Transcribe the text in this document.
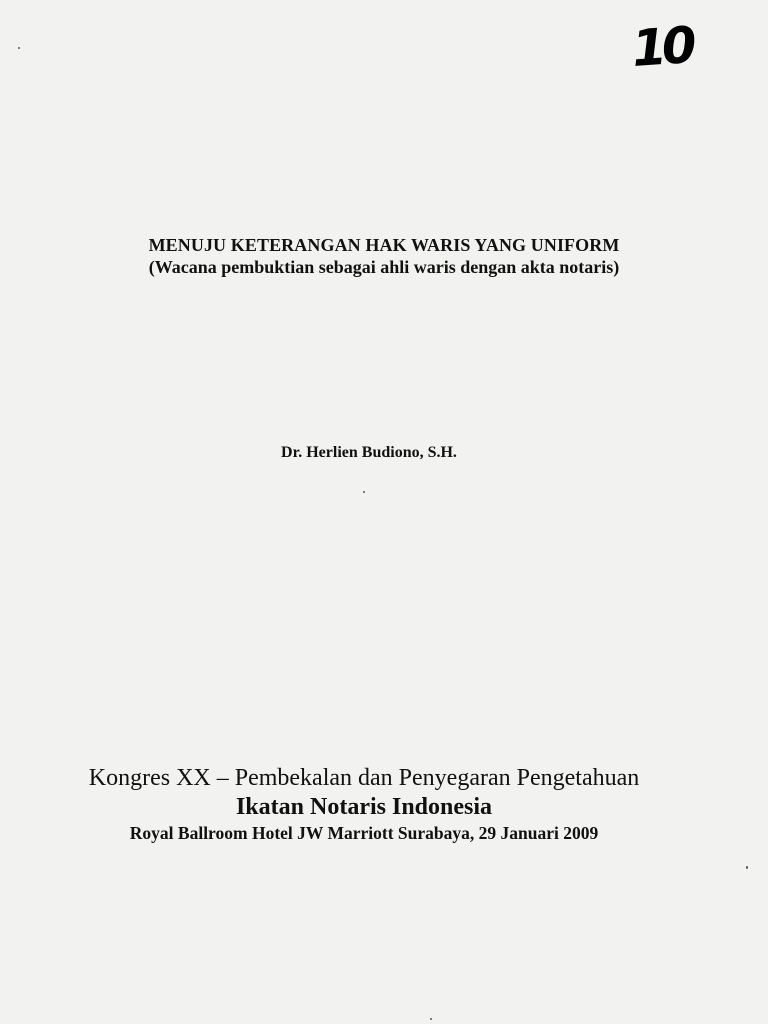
10

MENUJU KETERANGAN HAK WARIS YANG UNIFORM

(Wacana pembuktian sebagai ahli waris dengan akta notaris)

Dr. Herlien Budiono, S.H.

Kongres XX – Pembekalan dan Penyegaran Pengetahuan

Ikatan Notaris Indonesia

Royal Ballroom Hotel JW Marriott Surabaya, 29 Januari 2009
